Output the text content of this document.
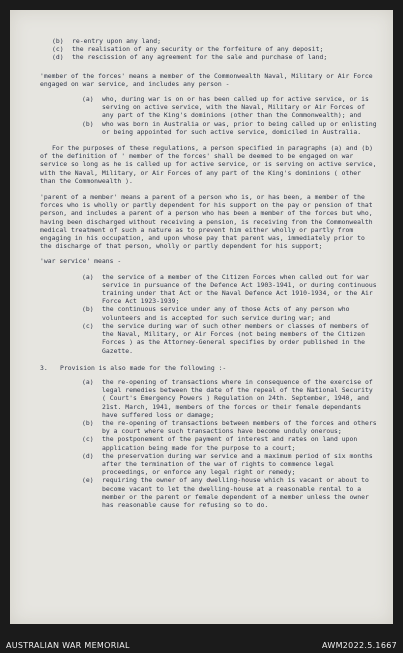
(b)	re-entry upon any land;
(c)	the realisation of any security or the forfeiture of any deposit;
(d)	the rescission of any agreement for the sale and purchase of land;
'member of the forces' means a member of the Commonwealth Naval, Military or Air Force engaged on war service, and includes any person -
(a)	who, during war is on or has been called up for active service, or is serving on active service, with the Naval, Military or Air Forces of any part of the King's dominions (other than the Commonwealth); and
(b)	who was born in Australia or was, prior to being called up or enlisting or being appointed for such active service, domiciled in Australia.
For the purposes of these regulations, a person specified in paragraphs (a) and (b) of the definition of ' member of the forces' shall be deemed to be engaged on war service so long as he is called up for active service, or is serving on active service, with the Naval, Military, or Air Forces of any part of the King's dominions ( other than the Commonwealth ).
'parent of a member' means a parent of a person who is, or has been, a member of the forces who is wholly or partly dependent for his support on the pay or pension of that person, and includes a parent of a person who has been a member of the forces but who, having been discharged without receiving a pension, is receiving from the Commonwealth medical treatment of such a nature as to prevent him either wholly or partly from engaging in his occupation, and upon whose pay that parent was, immediately prior to the discharge of that person, wholly or partly dependent for his support;
'war service' means -
(a)	the service of a member of the Citizen Forces when called out for war service in pursuance of the Defence Act 1903-1941, or during continuous training under that Act or the Naval Defence Act 1910-1934, or the Air Force Act 1923-1939;
(b)	the continuous service under any of those Acts of any person who volunteers and is accepted for such service during war; and
(c)	the service during war of such other members or classes of members of the Naval, Military, or Air Forces (not being members of the Citizen Forces ) as the Attorney-General specifies by order published in the Gazette.
3.	Provision is also made for the following :-
(a)	the re-opening of transactions where in consequence of the exercise of legal remedies between the date of the repeal of the National Security ( Court's Emergency Powers ) Regulation on 24th. September, 1940, and 21st. March, 1941, members of the forces or their female dependants have suffered loss or damage;
(b)	the re-opening of transactions between members of the forces and others by a court where such transactions have become unduly onerous;
(c)	the postponement of the payment of interest and rates on land upon application being made for the purpose to a court;
(d)	the preservation during war service and a maximum period of six months after the termination of the war of rights to commence legal proceedings, or enforce any legal right or remedy;
(e)	requiring the owner of any dwelling-house which is vacant or about to become vacant to let the dwelling-house at a reasonable rental to a member or the parent or female dependent of a member unless the owner has reasonable cause for refusing so to do.
AUSTRALIAN WAR MEMORIAL	AWM2022.5.1667
